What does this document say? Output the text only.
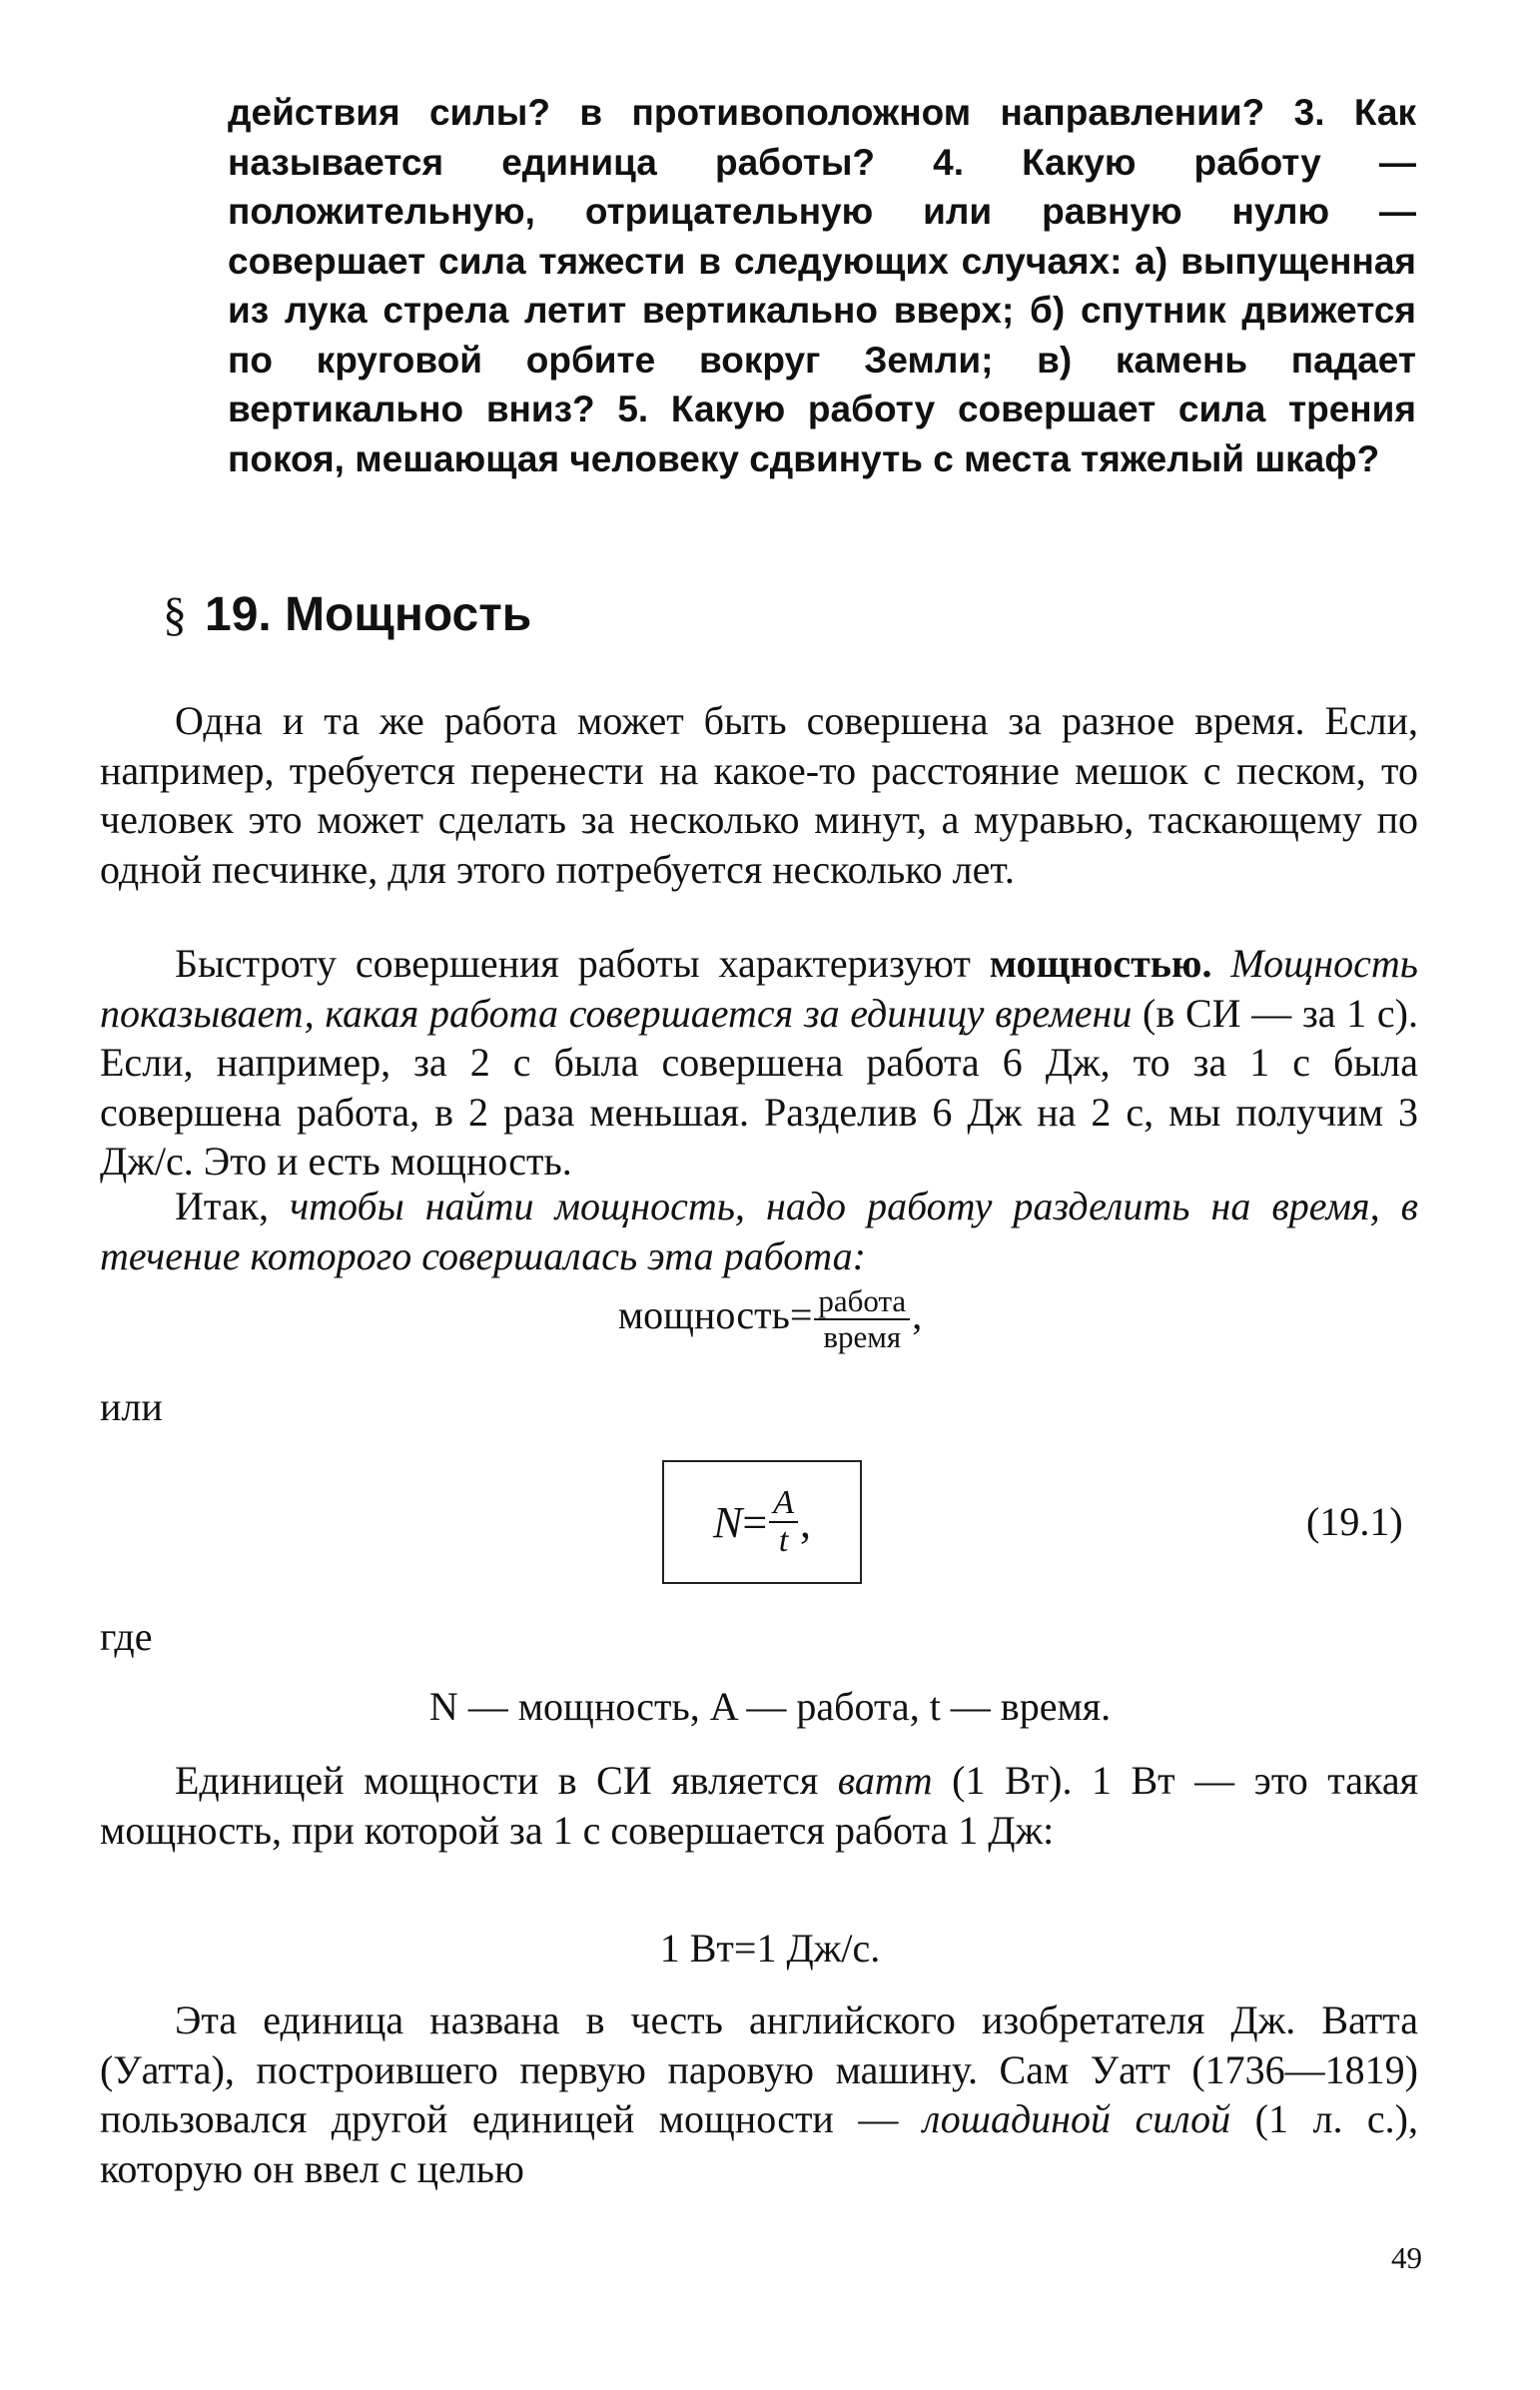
действия силы? в противоположном направлении? 3. Как называется единица работы? 4. Какую работу — положительную, отрицательную или равную нулю — совершает сила тяжести в следующих случаях: а) выпущенная из лука стрела летит вертикально вверх; б) спутник движется по круговой орбите вокруг Земли; в) камень падает вертикально вниз? 5. Какую работу совершает сила трения покоя, мешающая человеку сдвинуть с места тяжелый шкаф?
§ 19. Мощность

Одна и та же работа может быть совершена за разное время. Если, например, требуется перенести на какое-то расстояние мешок с песком, то человек это может сделать за несколько минут, а муравью, таскающему по одной песчинке, для этого потребуется несколько лет.

Быстроту совершения работы характеризуют мощностью. Мощность показывает, какая работа совершается за единицу времени (в СИ — за 1 с). Если, например, за 2 с была совершена работа 6 Дж, то за 1 с была совершена работа, в 2 раза меньшая. Разделив 6 Дж на 2 с, мы получим 3 Дж/с. Это и есть мощность.

Итак, чтобы найти мощность, надо работу разделить на время, в течение которого совершалась эта работа:

мощность= $\frac{\text{работа}}{\text{время}}$ ,
или
$N = \frac{A}{t}$ ,	(19.1)
где
N — мощность, A — работа, t — время.

Единицей мощности в СИ является ватт (1 Вт). 1 Вт — это такая мощность, при которой за 1 с совершается работа 1 Дж:

1 Вт=1 Дж/с.

Эта единица названа в честь английского изобретателя Дж. Ватта (Уатта), построившего первую паровую машину. Сам Уатт (1736—1819) пользовался другой единицей мощности — лошадиной силой (1 л. с.), которую он ввел с целью

49
